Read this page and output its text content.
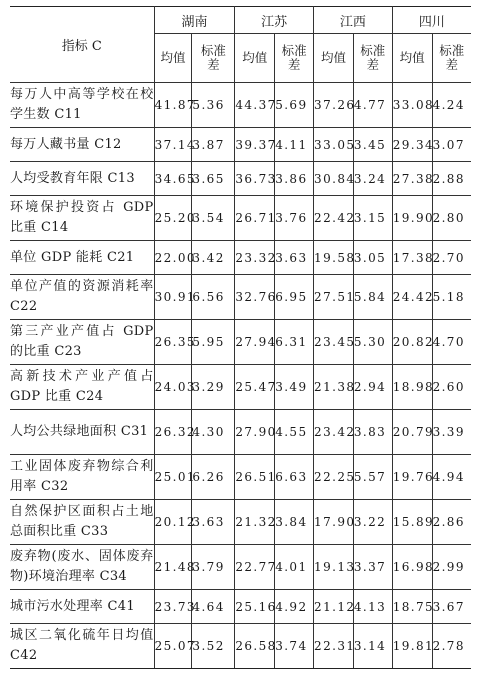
指标 C	湖南		江苏		江西		四川	
	均值	标准差	均值	标准差	均值	标准差	均值	标准差
每万人中高等学校在校学生数 C11	41.87	5.36	44.37	5.69	37.26	4.77	33.08	4.24
每万人藏书量 C12	37.14	3.87	39.37	4.11	33.05	3.45	29.34	3.07
人均受教育年限 C13	34.65	3.65	36.73	3.86	30.84	3.24	27.38	2.88
环境保护投资占 GDP 比重 C14	25.20	3.54	26.71	3.76	22.42	3.15	19.90	2.80
单位 GDP 能耗 C21	22.00	3.42	23.32	3.63	19.58	3.05	17.38	2.70
单位产值的资源消耗率 C22	30.91	6.56	32.76	6.95	27.51	5.84	24.42	5.18
第三产业产值占 GDP 的比重 C23	26.35	5.95	27.94	6.31	23.45	5.30	20.82	4.70
高新技术产业产值占 GDP 比重 C24	24.03	3.29	25.47	3.49	21.38	2.94	18.98	2.60
人均公共绿地面积 C31	26.32	4.30	27.90	4.55	23.42	3.83	20.79	3.39
工业固体废弃物综合利用率 C32	25.01	6.26	26.51	6.63	22.25	5.57	19.76	4.94
自然保护区面积占土地总面积比重 C33	20.12	3.63	21.32	3.84	17.90	3.22	15.89	2.86
废弃物(废水、固体废弃物)环境治理率 C34	21.48	3.79	22.77	4.01	19.13	3.37	16.98	2.99
城市污水处理率 C41	23.73	4.64	25.16	4.92	21.12	4.13	18.75	3.67
城区二氧化硫年日均值 C42	25.07	3.52	26.58	3.74	22.31	3.14	19.81	2.78
